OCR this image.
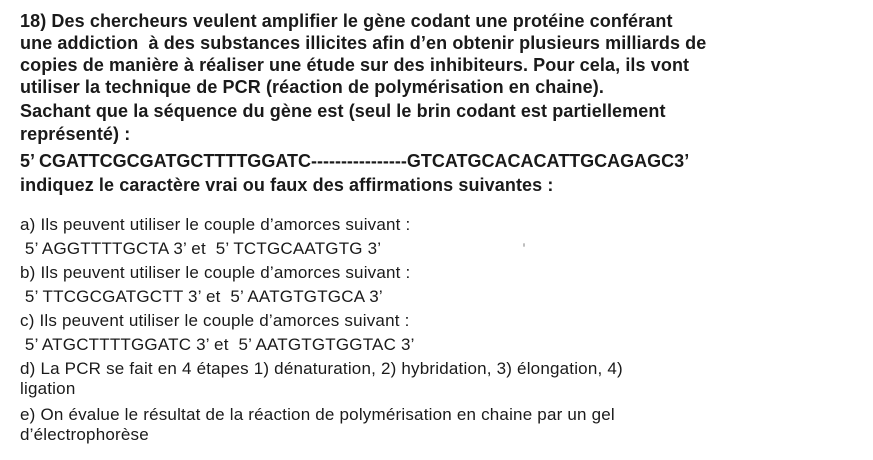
18) Des chercheurs veulent amplifier le gène codant une protéine conférant
une addiction  à des substances illicites afin d’en obtenir plusieurs milliards de
copies de manière à réaliser une étude sur des inhibiteurs. Pour cela, ils vont
utiliser la technique de PCR (réaction de polymérisation en chaine).
Sachant que la séquence du gène est (seul le brin codant est partiellement
représenté) :
5’ CGATTCGCGATGCTTTTGGATC----------------GTCATGCACACATTGCAGAGC3’
indiquez le caractère vrai ou faux des affirmations suivantes :
a) Ils peuvent utiliser le couple d’amorces suivant :
5’ AGGTTTTGCTA 3’ et  5’ TCTGCAATGTG 3’
b) Ils peuvent utiliser le couple d’amorces suivant :
5’ TTCGCGATGCTT 3’ et  5’ AATGTGTGCA 3’
c) Ils peuvent utiliser le couple d’amorces suivant :
5’ ATGCTTTTGGATC 3’ et  5’ AATGTGTGGTAC 3’
d) La PCR se fait en 4 étapes 1) dénaturation, 2) hybridation, 3) élongation, 4)
ligation
e) On évalue le résultat de la réaction de polymérisation en chaine par un gel
d’électrophorèse
